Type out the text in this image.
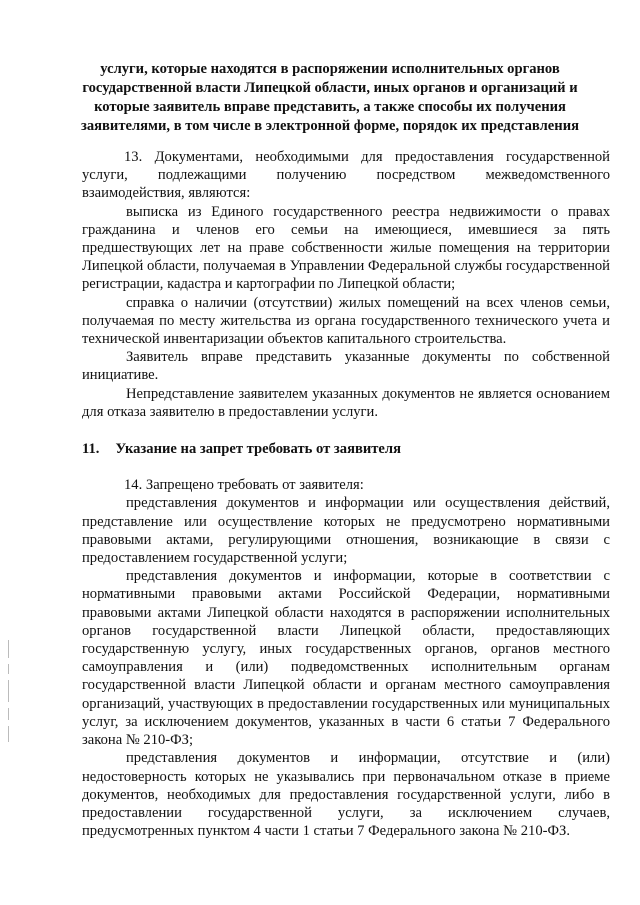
услуги, которые находятся в распоряжении исполнительных органов государственной власти Липецкой области, иных органов и организаций и которые заявитель вправе представить, а также способы их получения заявителями, в том числе в электронной форме, порядок их представления

13. Документами, необходимыми для предоставления государственной услуги, подлежащими получению посредством межведомственного взаимодействия, являются:

выписка из Единого государственного реестра недвижимости о правах гражданина и членов его семьи на имеющиеся, имевшиеся за пять предшествующих лет на праве собственности жилые помещения на территории Липецкой области, получаемая в Управлении Федеральной службы государственной регистрации, кадастра и картографии по Липецкой области;

справка о наличии (отсутствии) жилых помещений на всех членов семьи, получаемая по месту жительства из органа государственного технического учета и технической инвентаризации объектов капитального строительства.

Заявитель вправе представить указанные документы по собственной инициативе.

Непредставление заявителем указанных документов не является основанием для отказа заявителю в предоставлении услуги.

11. Указание на запрет требовать от заявителя

14. Запрещено требовать от заявителя:

представления документов и информации или осуществления действий, представление или осуществление которых не предусмотрено нормативными правовыми актами, регулирующими отношения, возникающие в связи с предоставлением государственной услуги;

представления документов и информации, которые в соответствии с нормативными правовыми актами Российской Федерации, нормативными правовыми актами Липецкой области находятся в распоряжении исполнительных органов государственной власти Липецкой области, предоставляющих государственную услугу, иных государственных органов, органов местного самоуправления и (или) подведомственных исполнительным органам государственной власти Липецкой области и органам местного самоуправления организаций, участвующих в предоставлении государственных или муниципальных услуг, за исключением документов, указанных в части 6 статьи 7 Федерального закона № 210-ФЗ;

представления документов и информации, отсутствие и (или) недостоверность которых не указывались при первоначальном отказе в приеме документов, необходимых для предоставления государственной услуги, либо в предоставлении государственной услуги, за исключением случаев, предусмотренных пунктом 4 части 1 статьи 7 Федерального закона № 210-ФЗ.
